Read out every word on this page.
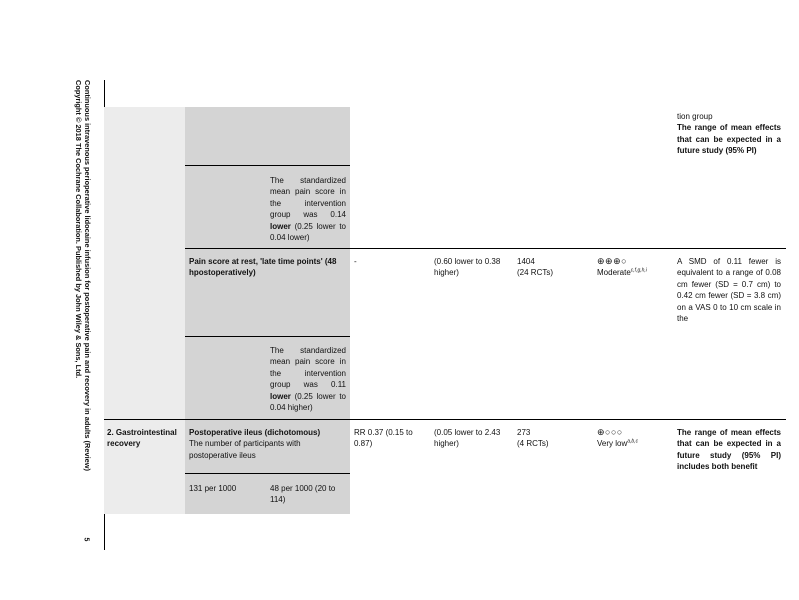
Continuous intravenous perioperative lidocaine infusion for postoperative pain and recovery in adults (Review)
Copyright © 2018 The Cochrane Collaboration. Published by John Wiley & Sons, Ltd.
5
tion group
The range of mean effects that can be expected in a future study (95% PI)
The standardized mean pain score in the intervention group was 0.14 lower (0.25 lower to 0.04 lower)
Pain score at rest, 'late time points' (48 hpostoperatively)
-	(0.60 lower to 0.38 higher)
1404
(24 RCTs)
⊕⊕⊕○
Moderate$^{c,f,g,h,i}$
A SMD of 0.11 fewer is equivalent to a range of 0.08 cm fewer (SD = 0.7 cm) to 0.42 cm fewer (SD = 3.8 cm) on a VAS 0 to 10 cm scale in the
The standardized mean pain score in the intervention group was 0.11 lower (0.25 lower to 0.04 higher)
2. Gastrointestinal recovery
Postoperative ileus (dichotomous)
The number of participants with postoperative ileus
RR 0.37 (0.15 to 0.87)
(0.05 lower to 2.43 higher)
273
(4 RCTs)
⊕○○○
Very low$^{a,b,c}$
The range of mean effects that can be expected in a future study (95% PI) includes both benefit
131 per 1000	48 per 1000 (20 to 114)
